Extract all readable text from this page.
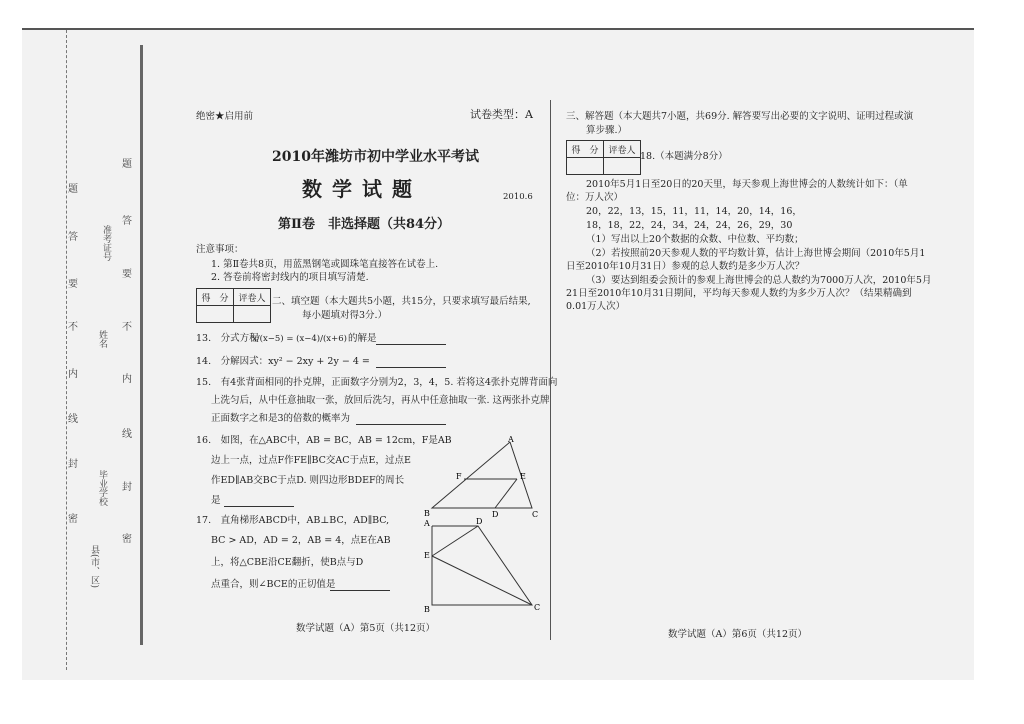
县(市、区)
毕业学校
姓名
准考证号
密
封
线
内
不
要
答
题
密
封
线
内
不
要
答
题
绝密★启用前	试卷类型：A
2010年潍坊市初中学业水平考试
数学试题	2010.6
第Ⅱ卷　非选择题（共84分）
注意事项：
1. 第Ⅱ卷共8页，用蓝黑钢笔或圆珠笔直接答在试卷上.
2. 答卷前将密封线内的项目填写清楚.
得　分	评卷人
	二、填空题（本大题共5小题，共15分，只要求填写最后结果,
每小题填对得3分.）
13.　分式方程
x/(x−5) = (x−4)/(x+6) 的解是
14.　分解因式：xy² − 2xy + 2y − 4 =
15.　有4张背面相同的扑克牌，正面数字分别为2，3，4，5. 若将这4张扑克牌背面向
上洗匀后，从中任意抽取一张，放回后洗匀，再从中任意抽取一张. 这两张扑克牌
正面数字之和是3的倍数的概率为
16.　如图，在△ABC中，AB = BC，AB = 12cm，F是AB
边上一点，过点F作FE∥BC交AC于点E，过点E
作ED∥AB交BC于点D. 则四边形BDEF的周长
是
17.　直角梯形ABCD中，AB⊥BC，AD∥BC,
BC > AD，AD = 2，AB = 4，点E在AB
上，将△CBE沿CE翻折，使B点与D
点重合，则∠BCE的正切值是
A
F	E
B	D	C
A	D
E
B	C
数学试题（A）第5页（共12页）
三、解答题（本大题共7小题，共69分. 解答要写出必要的文字说明、证明过程或演
算步骤.）
得　分	评卷人

18.（本题满分8分）
2010年5月1日至20日的20天里，每天参观上海世博会的人数统计如下：（单
位：万人次）
20，22，13，15，11，11，14，20，14，16，
18，18，22，24，34，24，24，26，29，30
（1）写出以上20个数据的众数、中位数、平均数；
（2）若按照前20天参观人数的平均数计算，估计上海世博会期间（2010年5月1
日至2010年10月31日）参观的总人数约是多少万人次？
（3）要达到组委会预计的参观上海世博会的总人数约为7000万人次，2010年5月
21日至2010年10月31日期间，平均每天参观人数约为多少万人次？（结果精确到
0.01万人次）
数学试题（A）第6页（共12页）
